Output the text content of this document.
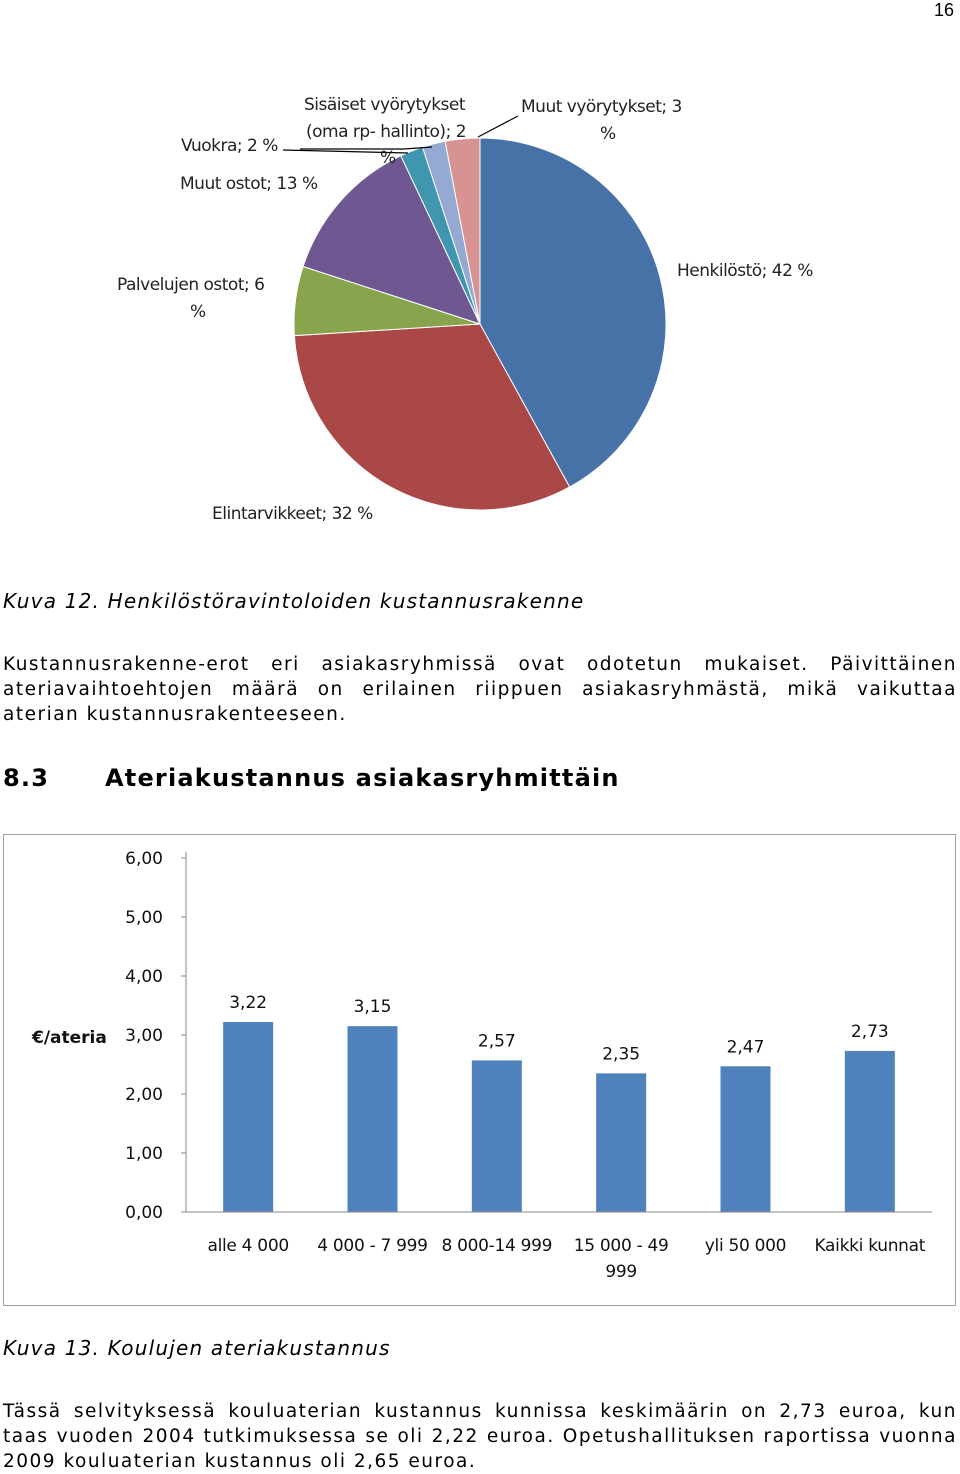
16
Vuokra; 2 %
Muut ostot; 13 %
Sisäiset vyörytykset
(oma rp- hallinto); 2
%
Muut vyörytykset; 3
%
Henkilöstö; 42 %
Palvelujen ostot; 6
%
Elintarvikkeet; 32 %
Kuva 12. Henkilöstöravintoloiden kustannusrakenne

Kustannusrakenne-erot eri asiakasryhmissä ovat odotetun mukaiset. Päivittäinen ateriavaihtoehtojen määrä on erilainen riippuen asiakasryhmästä, mikä vaikuttaa aterian kustannusrakenteeseen.

8.3 Ateriakustannus asiakasryhmittäin
0,00
1,00
2,00
3,00
4,00
5,00
6,00
3,22	3,15
2,57
2,35	2,47
2,73
€/ateria
alle 4 000 4 000 - 7 999 8 000-14 999 15 000 - 49
999
yli 50 000 Kaikki kunnat
Kuva 13. Koulujen ateriakustannus

Tässä selvityksessä kouluaterian kustannus kunnissa keskimäärin on 2,73 euroa, kun taas vuoden 2004 tutkimuksessa se oli 2,22 euroa. Opetushallituksen raportissa vuonna 2009 kouluaterian kustannus oli 2,65 euroa.
